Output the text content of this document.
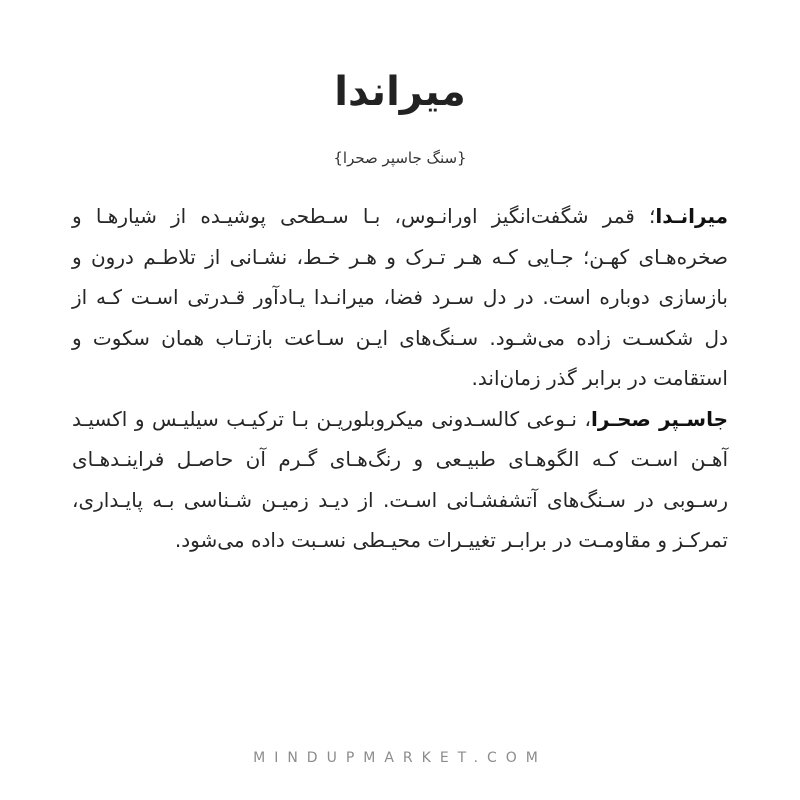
میراندا
{سنگ جاسپر صحرا}

میرانـدا؛ قمر شگفت‌انگیز اورانـوس، بـا سـطحی پوشیـده از شیارهـا و صخره‌هـای کهـن؛ جـایی کـه هـر تـرک و هـر خـط، نشـانی از تلاطـم درون و بازسازی دوباره است. در دل سـرد فضا، میرانـدا یـادآور قـدرتی اسـت کـه از دل شکسـت زاده می‌شـود. سـنگ‌های ایـن سـاعت بازتـاب همان سکوت و استقامت در برابر گذر زمان‌اند.

جاسـپر صحـرا، نـوعی کالسـدونی میکروبلوریـن بـا ترکیـب سیلیـس و اکسیـد آهـن اسـت کـه الگوهـای طبیـعی و رنگ‌هـای گـرم آن حاصـل فراینـدهـای رسـوبی در سـنگ‌های آتشفشـانی اسـت. از دیـد زمیـن شـناسی بـه پایـداری، تمرکـز و مقاومـت در برابـر تغییـرات محیـطی نسـبت داده می‌شود.

MINDUPMARKET.COM
